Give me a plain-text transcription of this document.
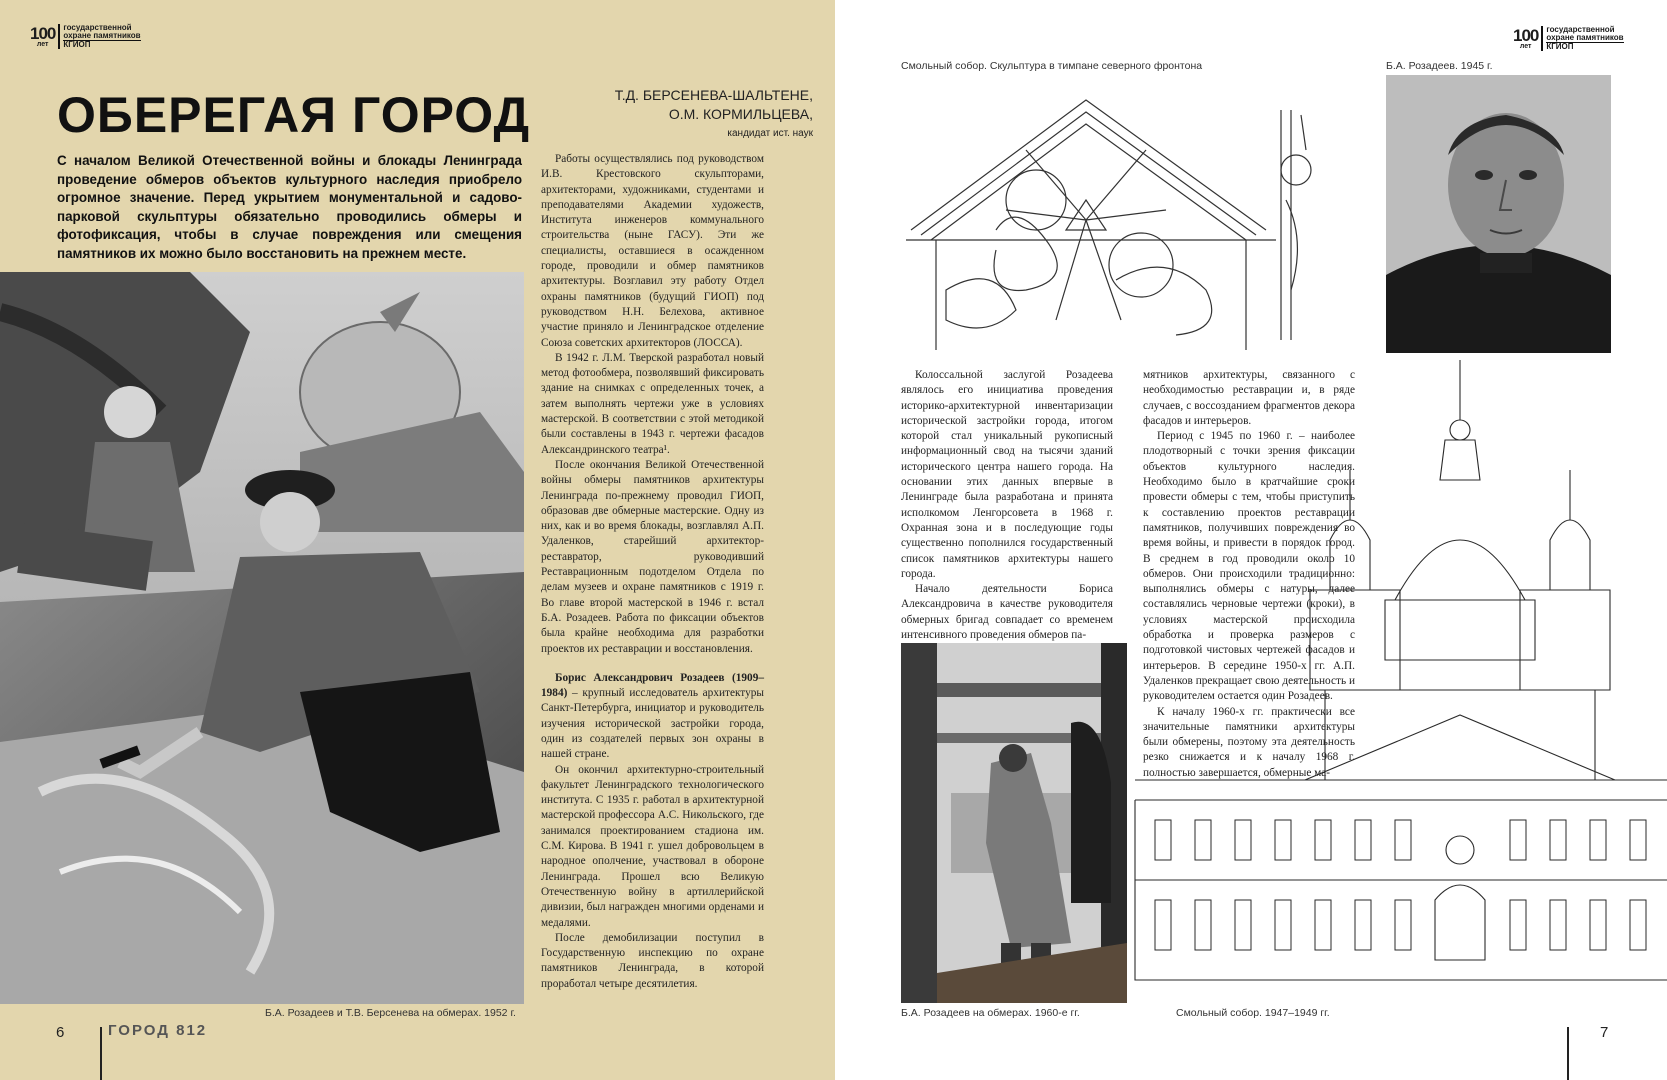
100
лет
государственной
охране памятников
КГИОП
ОБЕРЕГАЯ ГОРОД	Т.Д. БЕРСЕНЕВА-ШАЛЬТЕНЕ,
О.М. КОРМИЛЬЦЕВА,
кандидат ист. наук

С началом Великой Отечественной войны и блокады Ленинграда проведение обмеров объектов культурного наследия приобрело огромное значение. Перед укрытием монументальной и садово-парковой скульптуры обязательно проводились обмеры и фотофиксация, чтобы в случае повреждения или смещения памятников их можно было восстановить на прежнем месте.

Б.А. Розадеев и Т.В. Берсенева на обмерах. 1952 г.

Работы осуществлялись под руководством И.В. Крестовского скульпторами, архитекторами, художниками, студентами и преподавателями Академии художеств, Института инженеров коммунального строительства (ныне ГАСУ). Эти же специалисты, оставшиеся в осажденном городе, проводили и обмер памятников архитектуры. Возглавил эту работу Отдел охраны памятников (будущий ГИОП) под руководством Н.Н. Белехова, активное участие приняло и Ленинградское отделение Союза советских архитекторов (ЛОССА).

В 1942 г. Л.М. Тверской разработал новый метод фотообмера, позволявший фиксировать здание на снимках с определенных точек, а затем выполнять чертежи уже в условиях мастерской. В соответствии с этой методикой были составлены в 1943 г. чертежи фасадов Александринского театра¹.

После окончания Великой Отечественной войны обмеры памятников архитектуры Ленинграда по-прежнему проводил ГИОП, образовав две обмерные мастерские. Одну из них, как и во время блокады, возглавлял А.П. Удаленков, старейший архитектор-реставратор, руководивший Реставрационным подотделом Отдела по делам музеев и охране памятников с 1919 г. Во главе второй мастерской в 1946 г. встал Б.А. Розадеев. Работа по фиксации объектов была крайне необходима для разработки проектов их реставрации и восстановления.

Борис Александрович Розадеев (1909–1984) – крупный исследователь архитектуры Санкт-Петербурга, инициатор и руководитель изучения исторической застройки города, один из создателей первых зон охраны в нашей стране.

Он окончил архитектурно-строительный факультет Ленинградского технологического института. С 1935 г. работал в архитектурной мастерской профессора А.С. Никольского, где занимался проектированием стадиона им. С.М. Кирова. В 1941 г. ушел добровольцем в народное ополчение, участвовал в обороне Ленинграда. Прошел всю Великую Отечественную войну в артиллерийской дивизии, был награжден многими орденами и медалями.

После демобилизации поступил в Государственную инспекцию по охране памятников Ленинграда, в которой проработал четыре десятилетия.

6	ГОРОД 812
100
лет
государственной
охране памятников
КГИОП
Смольный собор. Скульптура в тимпане северного фронтона	Б.А. Розадеев. 1945 г.

Колоссальной заслугой Розадеева являлось его инициатива проведения историко-архитектурной инвентаризации исторической застройки города, итогом которой стал уникальный рукописный информационный свод на тысячи зданий исторического центра нашего города. На основании этих данных впервые в Ленинграде была разработана и принята исполкомом Ленгорсовета в 1968 г. Охранная зона и в последующие годы существенно пополнился государственный список памятников архитектуры нашего города.

Начало деятельности Бориса Александровича в качестве руководителя обмерных бригад совпадает со временем интенсивного проведения обмеров па-

мятников архитектуры, связанного с необходимостью реставрации и, в ряде случаев, с воссозданием фрагментов декора фасадов и интерьеров.

Период с 1945 по 1960 г. – наиболее плодотворный с точки зрения фиксации объектов культурного наследия. Необходимо было в кратчайшие сроки провести обмеры с тем, чтобы приступить к составлению проектов реставрации памятников, получивших повреждения во время войны, и привести в порядок город. В среднем в год проводили около 10 обмеров. Они происходили традиционно: выполнялись обмеры с натуры, далее составлялись черновые чертежи (кроки), в условиях мастерской происходила обработка и проверка размеров с подготовкой чистовых чертежей фасадов и интерьеров. В середине 1950-х гг. А.П. Удаленков прекращает свою деятельность и руководителем остается один Розадеев.

К началу 1960-х гг. практически все значительные памятники архитектуры были обмерены, поэтому эта деятельность резко снижается и к началу 1968 г. полностью завершается, обмерные ма-

Б.А. Розадеев на обмерах. 1960-е гг.	Смольный собор. 1947–1949 гг.
7
